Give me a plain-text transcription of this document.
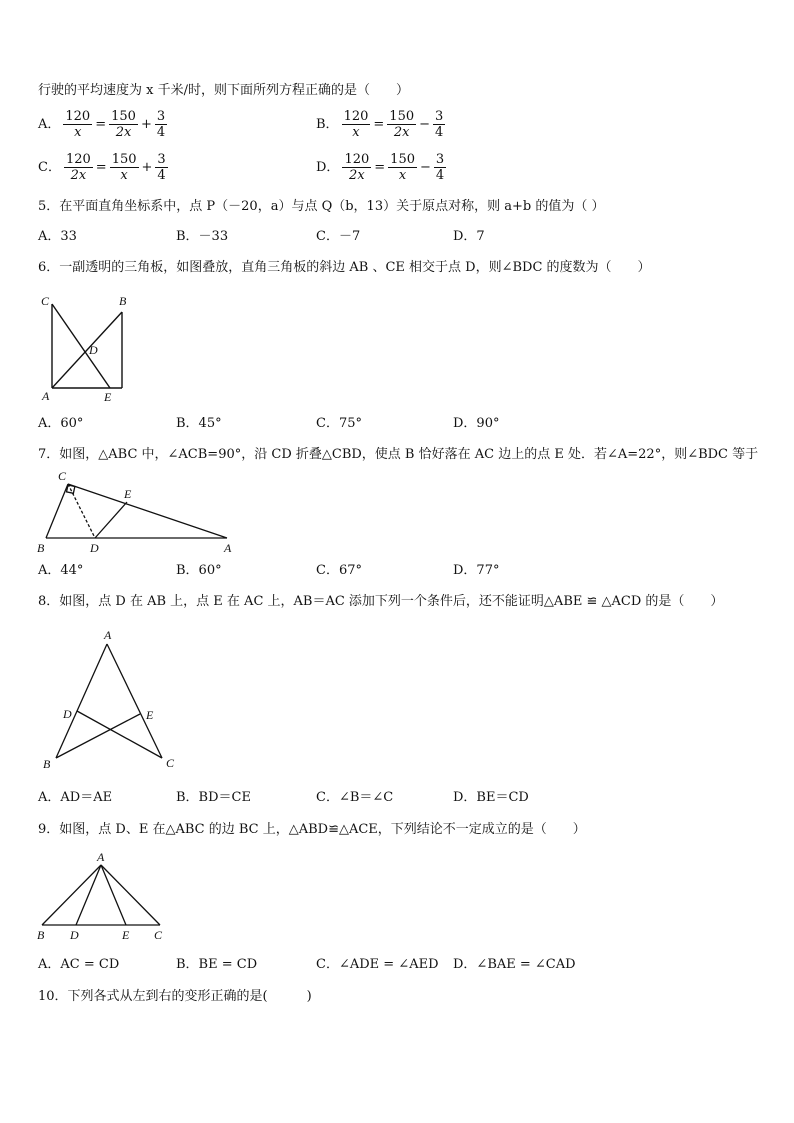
行驶的平均速度为 x 千米/时，则下面所列方程正确的是（　　）
A． $\frac{120}{x} = \frac{150}{2x} + \frac{3}{4}$	B． $\frac{120}{x} = \frac{150}{2x} - \frac{3}{4}$
C． $\frac{120}{2x} = \frac{150}{x} + \frac{3}{4}$	D． $\frac{120}{2x} = \frac{150}{x} - \frac{3}{4}$
5．在平面直角坐标系中，点 P（－20，a）与点 Q（b，13）关于原点对称，则 a+b 的值为（ ）
A．33	B．－33	C．－7	D．7
6．一副透明的三角板，如图叠放，直角三角板的斜边 AB 、CE 相交于点 D，则∠BDC 的度数为（　　）
C	B
D
A	E
A．60°	B．45°	C．75°	D．90°
7．如图，△ABC 中，∠ACB=90°，沿 CD 折叠△CBD，使点 B 恰好落在 AC 边上的点 E 处．若∠A=22°，则∠BDC 等于
C
E
B	D	A
A．44°	B．60°	C．67°	D．77°
8．如图，点 D 在 AB 上，点 E 在 AC 上，AB＝AC 添加下列一个条件后，还不能证明△ABE ≌ △ACD 的是（　　）
A
D	E
B	C
A．AD＝AE	B．BD＝CE	C．∠B＝∠C	D．BE＝CD
9．如图，点 D、E 在△ABC 的边 BC 上，△ABD≌△ACE，下列结论不一定成立的是（　　）
A
B D	E C
A．AC = CD	B．BE = CD	C．∠ADE = ∠AED D．∠BAE = ∠CAD
10．下列各式从左到右的变形正确的是(　　　)
